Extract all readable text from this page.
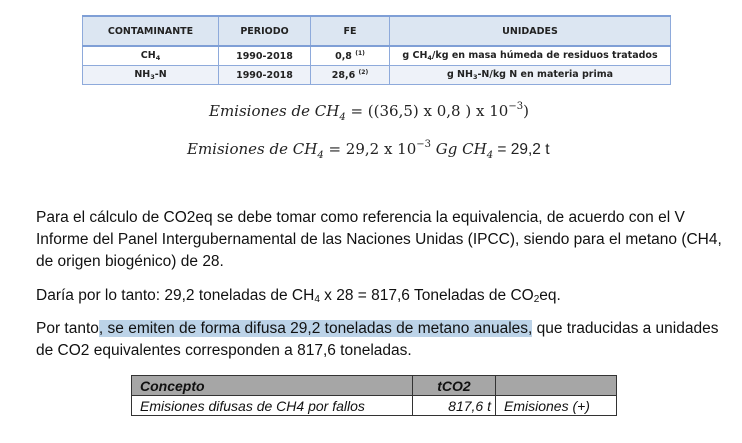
CONTAMINANTE	PERIODO	FE	UNIDADES
$CH_4$	1990-2018	0,8 $^{(1)}$	g $CH_4/kg$ en masa húmeda de residuos tratados
$NH_3-N$	1990-2018	28,6 $^{(2)}$	g $NH_3-N/kg$ N en materia prima
Emisiones de $CH_4 = ((36,5)$ x 0,8 ) x $10^{-3}$)
Emisiones de $CH_4 = 29,2$ x $10^{-3}$ Gg $CH_4 = 29,2$ t
Para el cálculo de CO2eq se debe tomar como referencia la equivalencia, de acuerdo con el V Informe del Panel Intergubernamental de las Naciones Unidas (IPCC), siendo para el metano (CH4, de origen biogénico) de 28.
Daría por lo tanto: 29,2 toneladas de $CH_4$ x 28 = 817,6 Toneladas de $CO_2eq$.
Por tanto, se emiten de forma difusa 29,2 toneladas de metano anuales, que traducidas a unidades de CO2 equivalentes corresponden a 817,6 toneladas.
Concepto	tCO2	
Emisiones difusas de CH4 por fallos	817,6 t	Emisiones (+)
